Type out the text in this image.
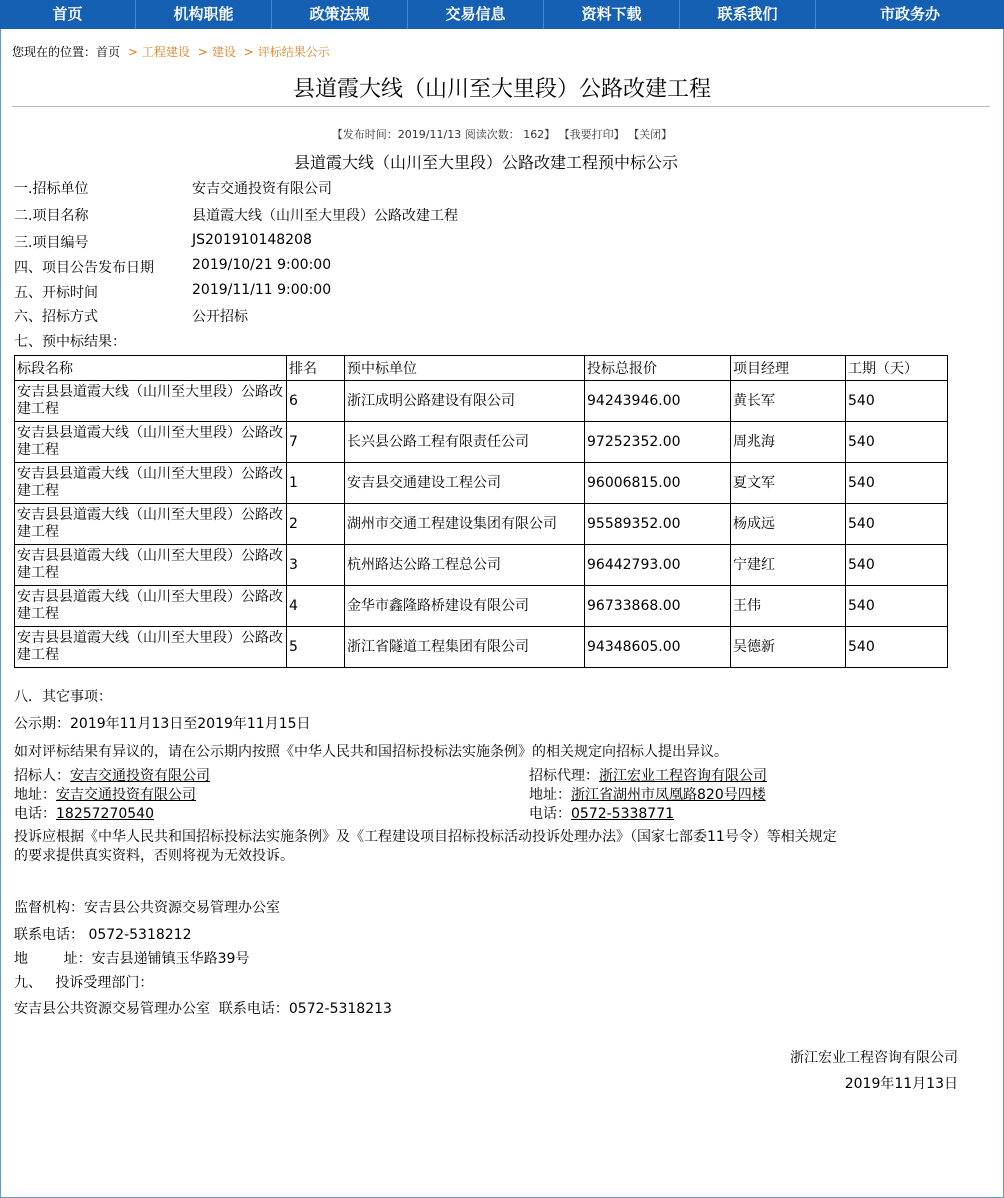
首页	机构职能	政策法规	交易信息	资料下载	联系我们	市政务办
您现在的位置：首页 > 工程建设 > 建设 > 评标结果公示
县道霞大线（山川至大里段）公路改建工程
【发布时间：2019/11/13 阅读次数： 162】 【我要打印】 【关闭】
县道霞大线（山川至大里段）公路改建工程预中标公示
一.招标单位	安吉交通投资有限公司
二.项目名称	县道霞大线（山川至大里段）公路改建工程
三.项目编号	JS201910148208
四、项目公告发布日期	2019/10/21 9:00:00
五、开标时间	2019/11/11 9:00:00
六、招标方式	公开招标
七、预中标结果：
标段名称	排名	预中标单位	投标总报价	项目经理	工期（天）
安吉县县道霞大线（山川至大里段）公路改建工程	6	浙江成明公路建设有限公司	94243946.00	黄长军	540
安吉县县道霞大线（山川至大里段）公路改建工程	7	长兴县公路工程有限责任公司	97252352.00	周兆海	540
安吉县县道霞大线（山川至大里段）公路改建工程	1	安吉县交通建设工程公司	96006815.00	夏文军	540
安吉县县道霞大线（山川至大里段）公路改建工程	2	湖州市交通工程建设集团有限公司	95589352.00	杨成远	540
安吉县县道霞大线（山川至大里段）公路改建工程	3	杭州路达公路工程总公司	96442793.00	宁建红	540
安吉县县道霞大线（山川至大里段）公路改建工程	4	金华市鑫隆路桥建设有限公司	96733868.00	王伟	540
安吉县县道霞大线（山川至大里段）公路改建工程	5	浙江省隧道工程集团有限公司	94348605.00	吴德新	540
八．其它事项：
公示期：2019年11月13日至2019年11月15日
如对评标结果有异议的，请在公示期内按照《中华人民共和国招标投标法实施条例》的相关规定向招标人提出异议。
招标人：安吉交通投资有限公司	招标代理：浙江宏业工程咨询有限公司
地址：安吉交通投资有限公司	地址：浙江省湖州市凤凰路820号四楼
电话：18257270540	电话：0572-5338771
投诉应根据《中华人民共和国招标投标法实施条例》及《工程建设项目招标投标活动投诉处理办法》（国家七部委11号令）等相关规定
的要求提供真实资料，否则将视为无效投诉。
监督机构：安吉县公共资源交易管理办公室
联系电话： 0572-5318212
地        址：安吉县递铺镇玉华路39号
九、   投诉受理部门：
安吉县公共资源交易管理办公室  联系电话：0572-5318213
浙江宏业工程咨询有限公司
2019年11月13日
